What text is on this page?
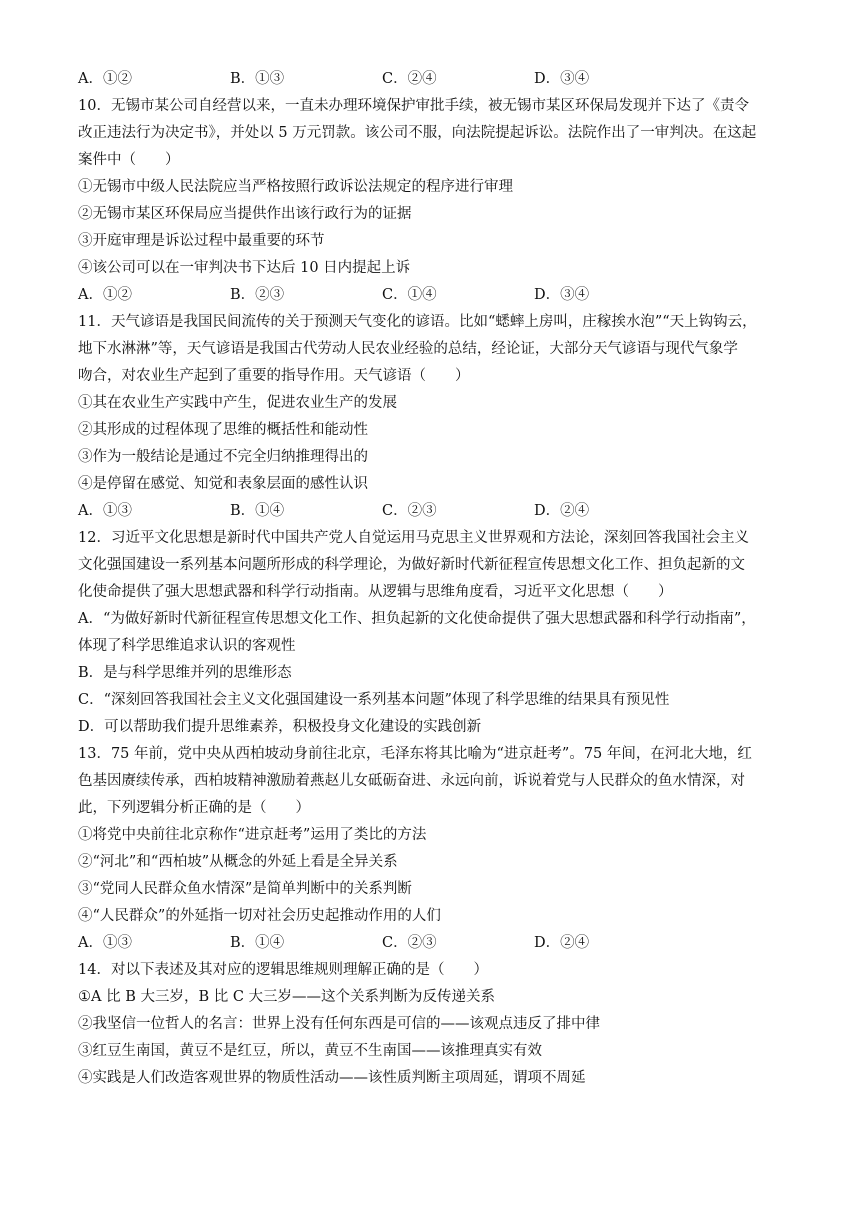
A．①②	B．①③	C．②④	D．③④
10．无锡市某公司自经营以来，一直未办理环境保护审批手续，被无锡市某区环保局发现并下达了《责令
改正违法行为决定书》，并处以 5 万元罚款。该公司不服，向法院提起诉讼。法院作出了一审判决。在这起
案件中（　　）
①无锡市中级人民法院应当严格按照行政诉讼法规定的程序进行审理
②无锡市某区环保局应当提供作出该行政行为的证据
③开庭审理是诉讼过程中最重要的环节
④该公司可以在一审判决书下达后 10 日内提起上诉
A．①②	B．②③	C．①④	D．③④
11．天气谚语是我国民间流传的关于预测天气变化的谚语。比如“蟋蟀上房叫，庄稼挨水泡”“天上钩钩云，
地下水淋淋”等，天气谚语是我国古代劳动人民农业经验的总结，经论证，大部分天气谚语与现代气象学
吻合，对农业生产起到了重要的指导作用。天气谚语（　　）
①其在农业生产实践中产生，促进农业生产的发展
②其形成的过程体现了思维的概括性和能动性
③作为一般结论是通过不完全归纳推理得出的
④是停留在感觉、知觉和表象层面的感性认识
A．①③	B．①④	C．②③	D．②④
12．习近平文化思想是新时代中国共产党人自觉运用马克思主义世界观和方法论，深刻回答我国社会主义
文化强国建设一系列基本问题所形成的科学理论，为做好新时代新征程宣传思想文化工作、担负起新的文
化使命提供了强大思想武器和科学行动指南。从逻辑与思维角度看，习近平文化思想（　　）
A．“为做好新时代新征程宣传思想文化工作、担负起新的文化使命提供了强大思想武器和科学行动指南”，
体现了科学思维追求认识的客观性
B．是与科学思维并列的思维形态
C．“深刻回答我国社会主义文化强国建设一系列基本问题”体现了科学思维的结果具有预见性
D．可以帮助我们提升思维素养，积极投身文化建设的实践创新
13．75 年前，党中央从西柏坡动身前往北京，毛泽东将其比喻为“进京赶考”。75 年间，在河北大地，红
色基因赓续传承，西柏坡精神激励着燕赵儿女砥砺奋进、永远向前，诉说着党与人民群众的鱼水情深，对
此，下列逻辑分析正确的是（　　）
①将党中央前往北京称作“进京赶考”运用了类比的方法
②“河北”和“西柏坡”从概念的外延上看是全异关系
③“党同人民群众鱼水情深”是简单判断中的关系判断
④“人民群众”的外延指一切对社会历史起推动作用的人们
A．①③	B．①④	C．②③	D．②④
14．对以下表述及其对应的逻辑思维规则理解正确的是（　　）
①A 比 B 大三岁，B 比 C 大三岁——这个关系判断为反传递关系
②我坚信一位哲人的名言：世界上没有任何东西是可信的——该观点违反了排中律
③红豆生南国，黄豆不是红豆，所以，黄豆不生南国——该推理真实有效
④实践是人们改造客观世界的物质性活动——该性质判断主项周延，谓项不周延
